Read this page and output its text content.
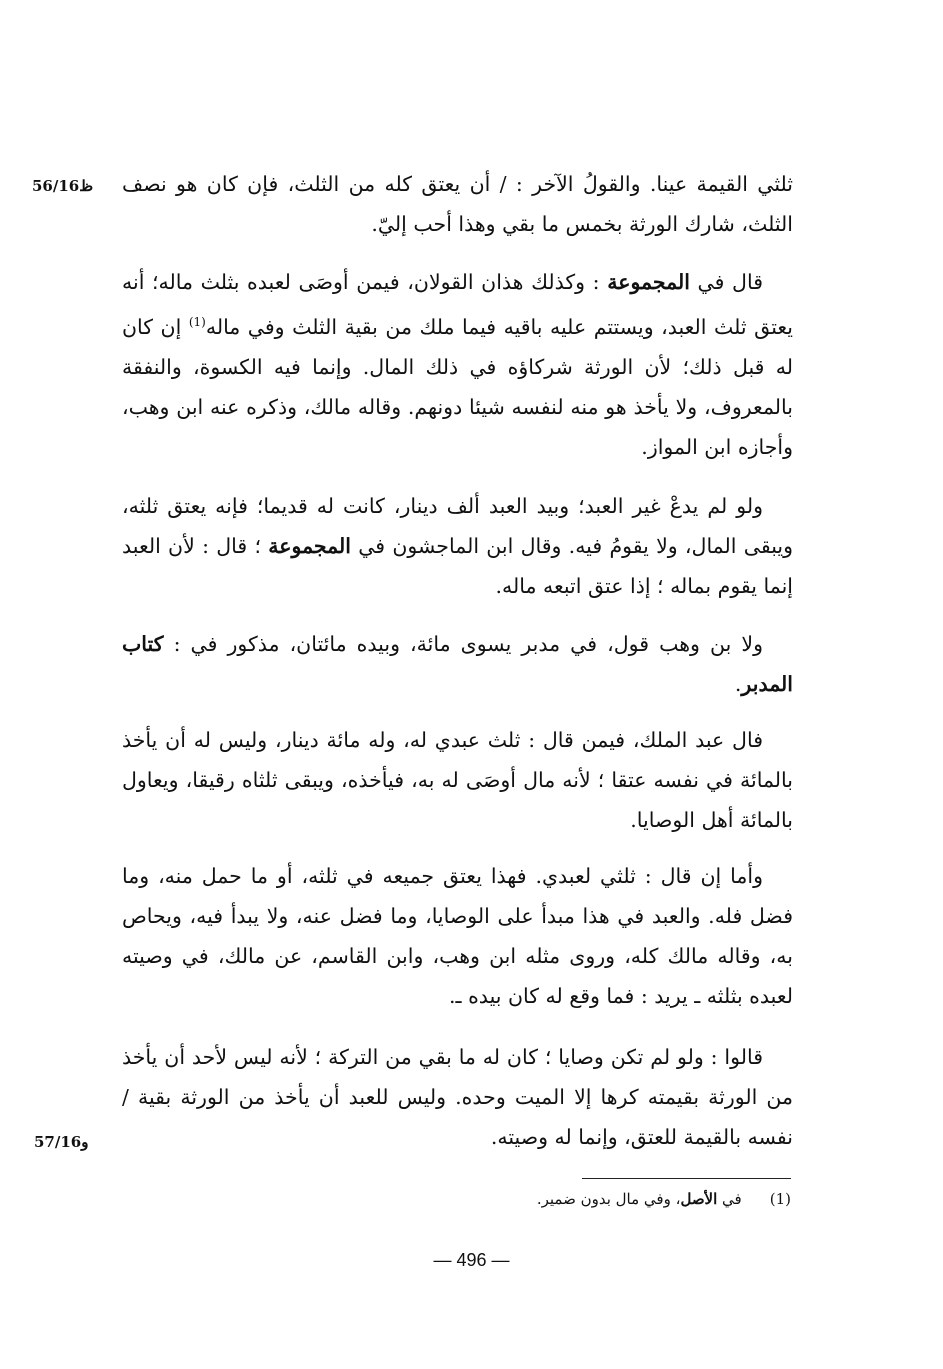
56/16ظ
57/16و

ثلثي القيمة عينا. والقولُ الآخر : / أن يعتق كله من الثلث، فإن كان هو نصف الثلث، شارك الورثة بخمس ما بقي وهذا أحب إليّ.

قال في المجموعة : وكذلك هذان القولان، فيمن أوصَى لعبده بثلث ماله؛ أنه يعتق ثلث العبد، ويستتم عليه باقيه فيما ملك من بقية الثلث وفي ماله$^{(1)}$ إن كان له قبل ذلك؛ لأن الورثة شركاؤه في ذلك المال. وإنما فيه الكسوة، والنفقة بالمعروف، ولا يأخذ هو منه لنفسه شيئا دونهم. وقاله مالك، وذكره عنه ابن وهب، وأجازه ابن المواز.

ولو لم يدعْ غير العبد؛ وبيد العبد ألف دينار، كانت له قديما؛ فإنه يعتق ثلثه، ويبقى المال، ولا يقومُ فيه. وقال ابن الماجشون في المجموعة ؛ قال : لأن العبد إنما يقوم بماله ؛ إذا عتق اتبعه ماله.

ولا بن وهب قول، في مدبر يسوى مائة، وبيده مائتان، مذكور في : كتاب المدبر.

فال عبد الملك، فيمن قال : ثلث عبدي له، وله مائة دينار، وليس له أن يأخذ بالمائة في نفسه عتقا ؛ لأنه مال أوصَى له به، فيأخذه، ويبقى ثلثاه رقيقا، ويعاول بالمائة أهل الوصايا.

وأما إن قال : ثلثي لعبدي. فهذا يعتق جميعه في ثلثه، أو ما حمل منه، وما فضل فله. والعبد في هذا مبدأ على الوصايا، وما فضل عنه، ولا يبدأ فيه، ويحاص به، وقاله مالك كله، وروى مثله ابن وهب، وابن القاسم، عن مالك، في وصيته لعبده بثلثه ـ يريد : فما وقع له كان بيده ـ.

قالوا : ولو لم تكن وصايا ؛ كان له ما بقي من التركة ؛ لأنه ليس لأحد أن يأخذ من الورثة بقيمته كرها إلا الميت وحده. وليس للعبد أن يأخذ من الورثة بقية / نفسه بالقيمة للعتق، وإنما له وصيته.

(1)في الأصل، وفي مال بدون ضمير.
— 496 —
